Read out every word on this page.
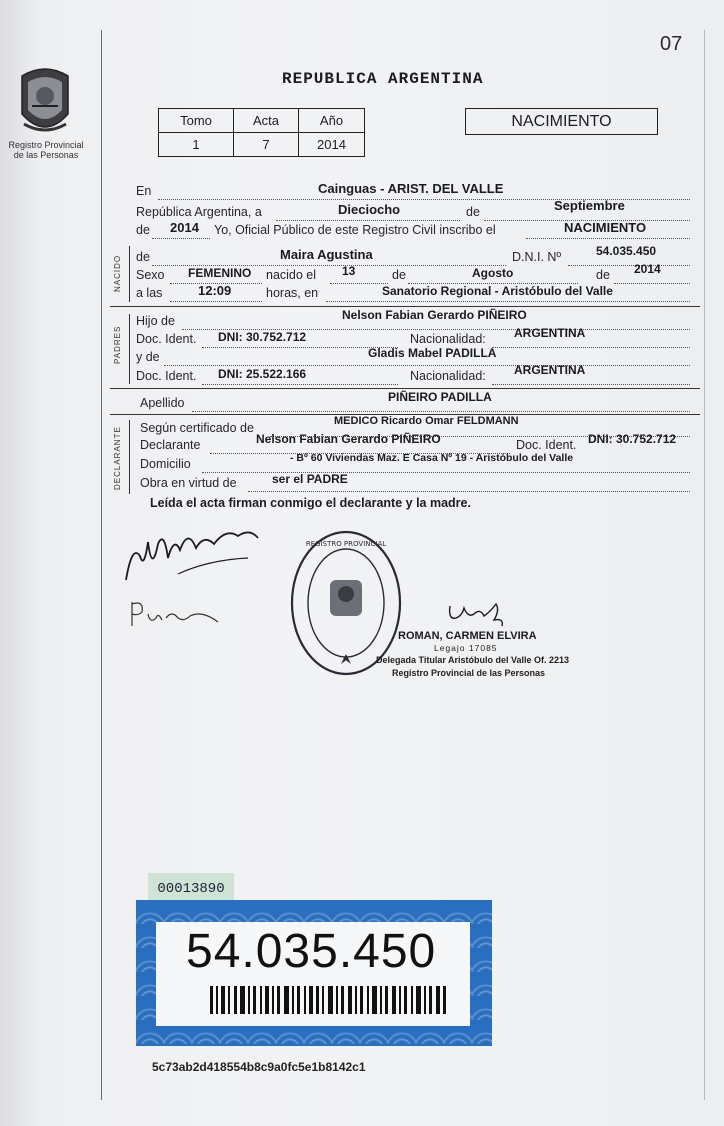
07
Registro Provincial de las Personas
REPUBLICA ARGENTINA
Tomo	Acta	Año
1	7	2014
NACIMIENTO
En	Cainguas - ARIST. DEL VALLE
República Argentina, a	Dieciocho	de	Septiembre
de 2014 Yo, Oficial Público de este Registro Civil inscribo el	NACIMIENTO
NACIDO de	Maira Agustina	D.N.I. Nº	54.035.450
Sexo FEMENINO nacido el 13	de	Agosto	de 2014
a las	12:09	horas, en	Sanatorio Regional - Aristóbulo del Valle
PADRES
Hijo de	Nelson Fabian Gerardo PIÑEIRO
Doc. Ident. DNI: 30.752.712	Nacionalidad: ARGENTINA
y de	Gladis Mabel PADILLA
Doc. Ident. DNI: 25.522.166	Nacionalidad: ARGENTINA
Apellido	PIÑEIRO PADILLA
DECLARANTE Según certificado de	MEDICO Ricardo Omar FELDMANN
Declarante	Nelson Fabian Gerardo PIÑEIRO	Doc. Ident. DNI: 30.752.712
Domicilio	- Bº 60 Viviendas Maz. E Casa Nº 19 - Aristóbulo del Valle
Obra en virtud de	ser el PADRE
Leída el acta firman conmigo el declarante y la madre.
REGISTRO PROVINCIAL
ROMAN, CARMEN ELVIRA
Legajo 17085
Delegada Titular Aristóbulo del Valle Of. 2213
Registro Provincial de las Personas
00013890
54.035.450
5c73ab2d418554b8c9a0fc5e1b8142c1
